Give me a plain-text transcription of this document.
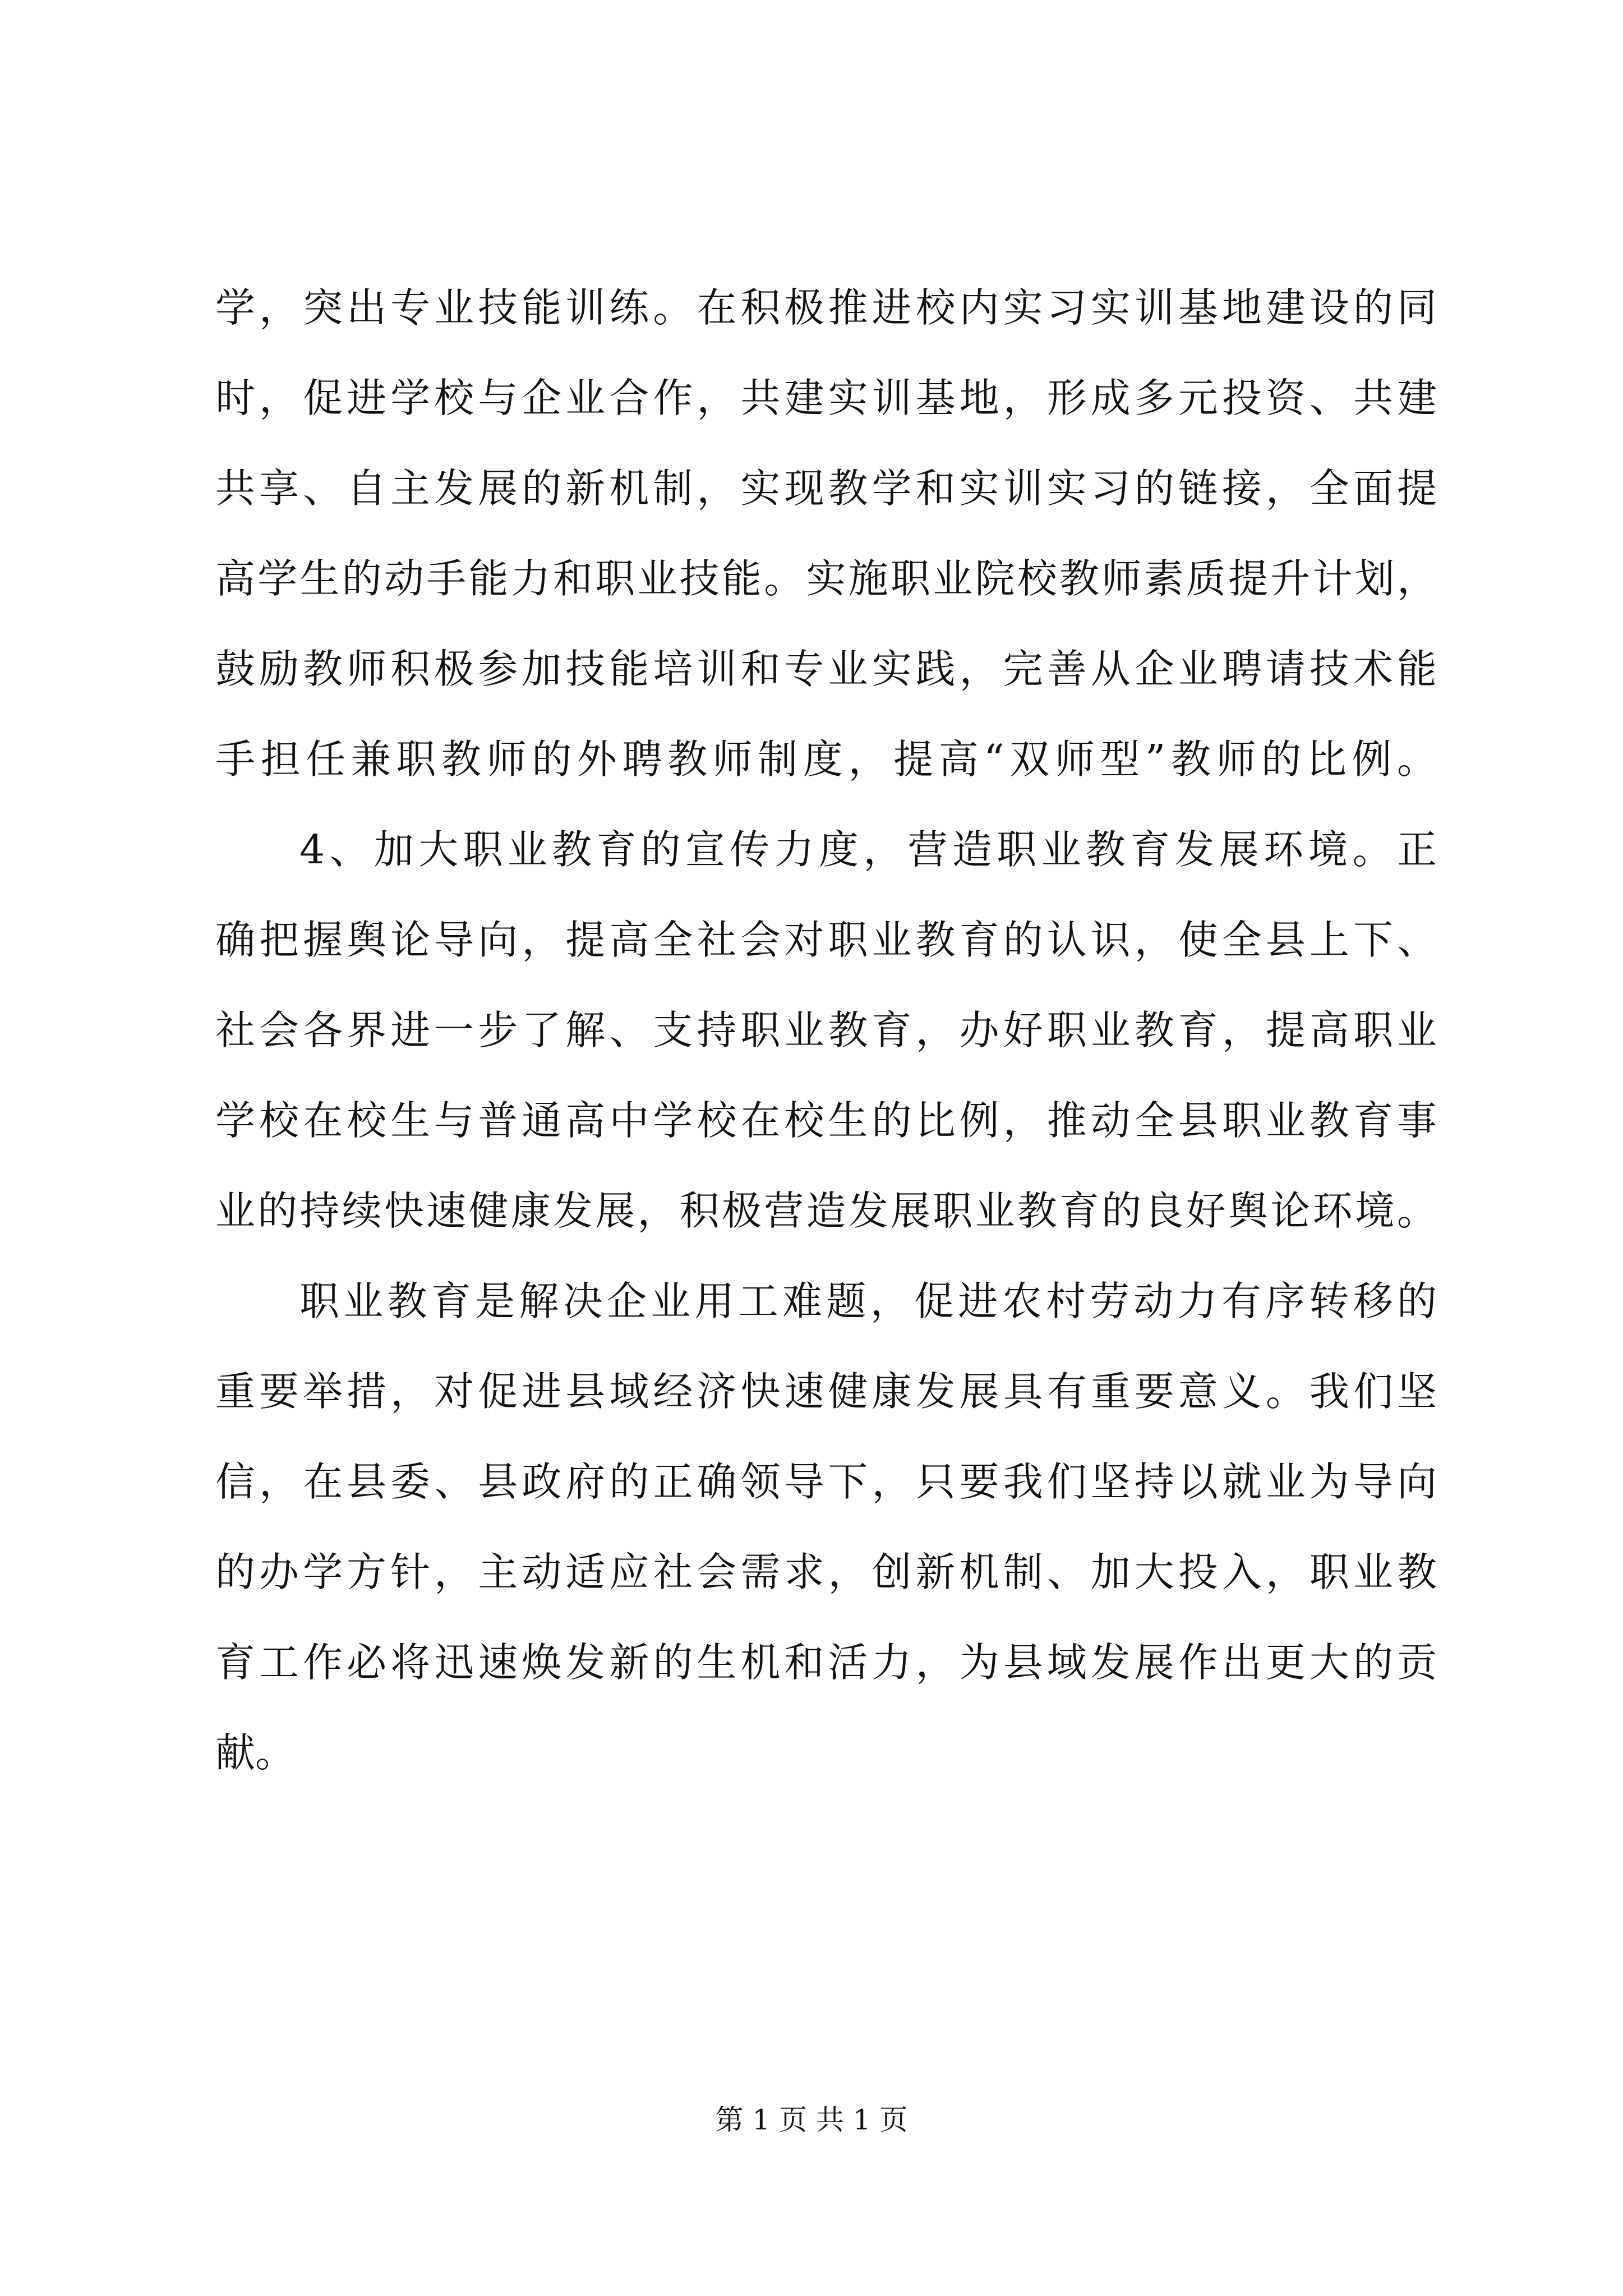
学，突出专业技能训练。在积极推进校内实习实训基地建设的同
时，促进学校与企业合作，共建实训基地，形成多元投资、共建
共享、自主发展的新机制，实现教学和实训实习的链接，全面提
高学生的动手能力和职业技能。实施职业院校教师素质提升计划，
鼓励教师积极参加技能培训和专业实践，完善从企业聘请技术能
手担任兼职教师的外聘教师制度，提高“双师型”教师的比例。
4、加大职业教育的宣传力度，营造职业教育发展环境。正
确把握舆论导向，提高全社会对职业教育的认识，使全县上下、
社会各界进一步了解、支持职业教育，办好职业教育，提高职业
学校在校生与普通高中学校在校生的比例，推动全县职业教育事
业的持续快速健康发展，积极营造发展职业教育的良好舆论环境。
职业教育是解决企业用工难题，促进农村劳动力有序转移的
重要举措，对促进县域经济快速健康发展具有重要意义。我们坚
信，在县委、县政府的正确领导下，只要我们坚持以就业为导向
的办学方针，主动适应社会需求，创新机制、加大投入，职业教
育工作必将迅速焕发新的生机和活力，为县域发展作出更大的贡
献。
第 1 页 共 1 页
